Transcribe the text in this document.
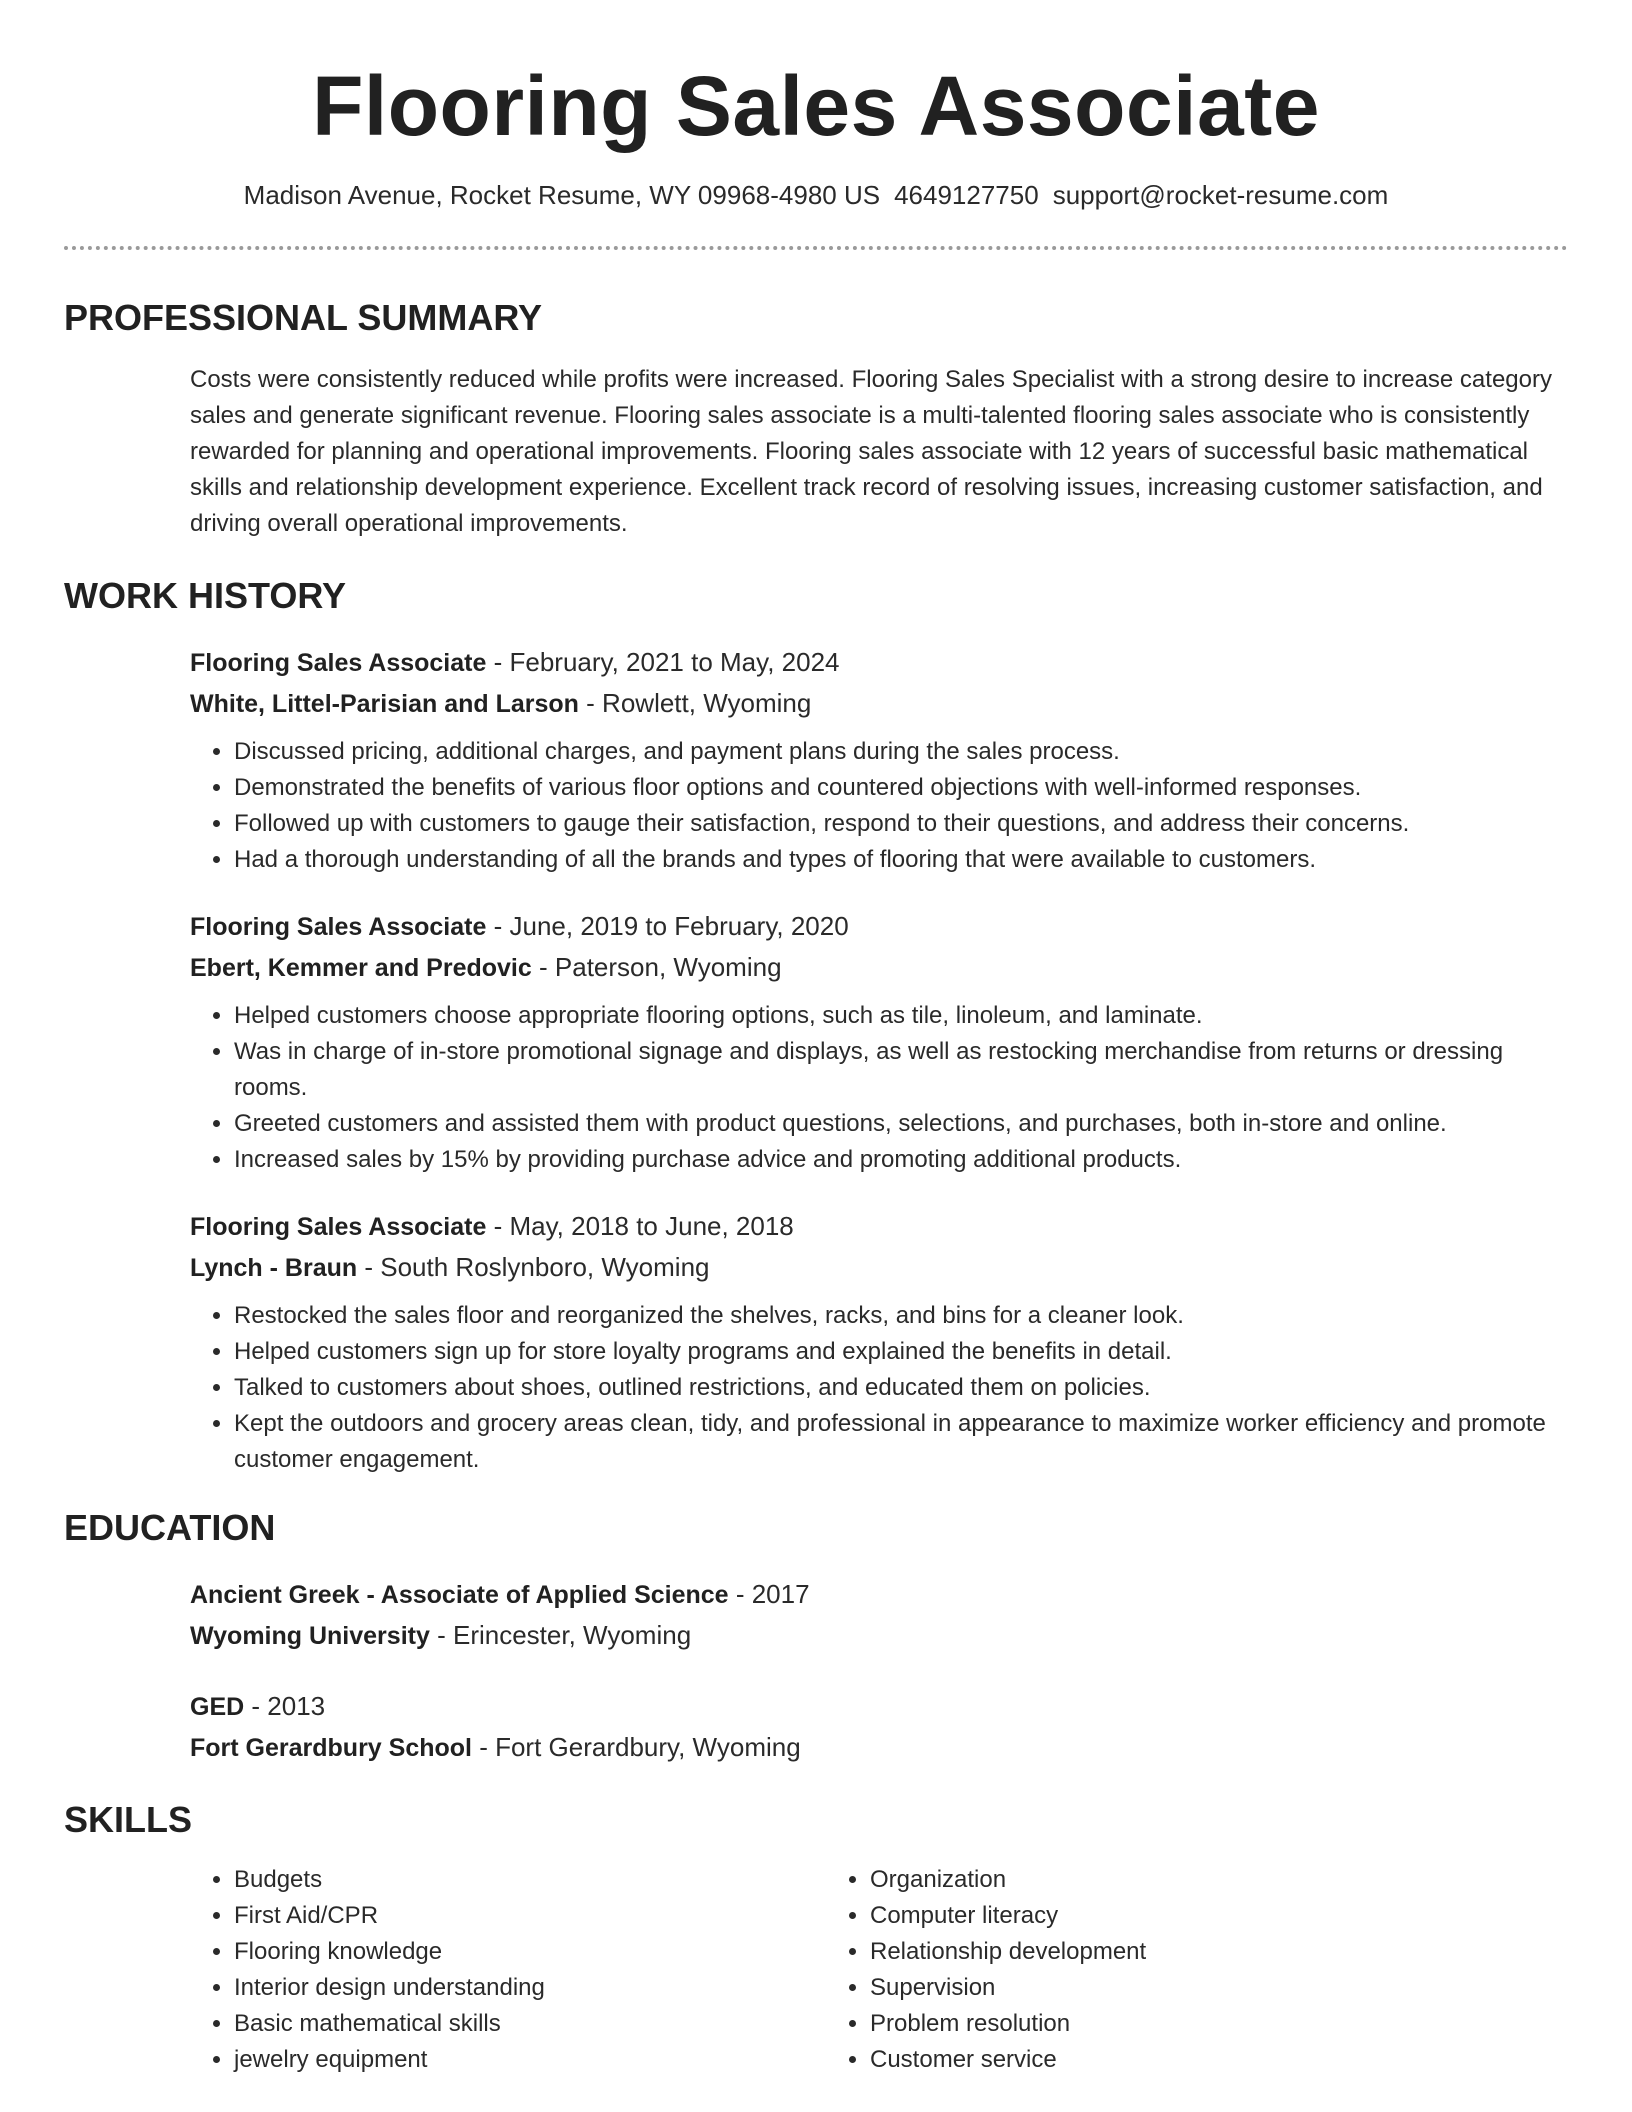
Flooring Sales Associate
Madison Avenue, Rocket Resume, WY 09968-4980 US 4649127750 support@rocket-resume.com
PROFESSIONAL SUMMARY

Costs were consistently reduced while profits were increased. Flooring Sales Specialist with a strong desire to increase category sales and generate significant revenue. Flooring sales associate is a multi-talented flooring sales associate who is consistently rewarded for planning and operational improvements. Flooring sales associate with 12 years of successful basic mathematical skills and relationship development experience. Excellent track record of resolving issues, increasing customer satisfaction, and driving overall operational improvements.

WORK HISTORY
Flooring Sales Associate - February, 2021 to May, 2024
White, Littel-Parisian and Larson - Rowlett, Wyoming
• Discussed pricing, additional charges, and payment plans during the sales process.
• Demonstrated the benefits of various floor options and countered objections with well-informed responses.
• Followed up with customers to gauge their satisfaction, respond to their questions, and address their concerns.
• Had a thorough understanding of all the brands and types of flooring that were available to customers.
Flooring Sales Associate - June, 2019 to February, 2020
Ebert, Kemmer and Predovic - Paterson, Wyoming
• Helped customers choose appropriate flooring options, such as tile, linoleum, and laminate.
• Was in charge of in-store promotional signage and displays, as well as restocking merchandise from returns or dressing rooms.
• Greeted customers and assisted them with product questions, selections, and purchases, both in-store and online.
• Increased sales by 15% by providing purchase advice and promoting additional products.
Flooring Sales Associate - May, 2018 to June, 2018
Lynch - Braun - South Roslynboro, Wyoming
• Restocked the sales floor and reorganized the shelves, racks, and bins for a cleaner look.
• Helped customers sign up for store loyalty programs and explained the benefits in detail.
• Talked to customers about shoes, outlined restrictions, and educated them on policies.
• Kept the outdoors and grocery areas clean, tidy, and professional in appearance to maximize worker efficiency and promote customer engagement.
EDUCATION
Ancient Greek - Associate of Applied Science - 2017
Wyoming University - Erincester, Wyoming
GED - 2013
Fort Gerardbury School - Fort Gerardbury, Wyoming
SKILLS
• Budgets
• First Aid/CPR
• Flooring knowledge
• Interior design understanding
• Basic mathematical skills
• jewelry equipment
• Organization
• Computer literacy
• Relationship development
• Supervision
• Problem resolution
• Customer service
